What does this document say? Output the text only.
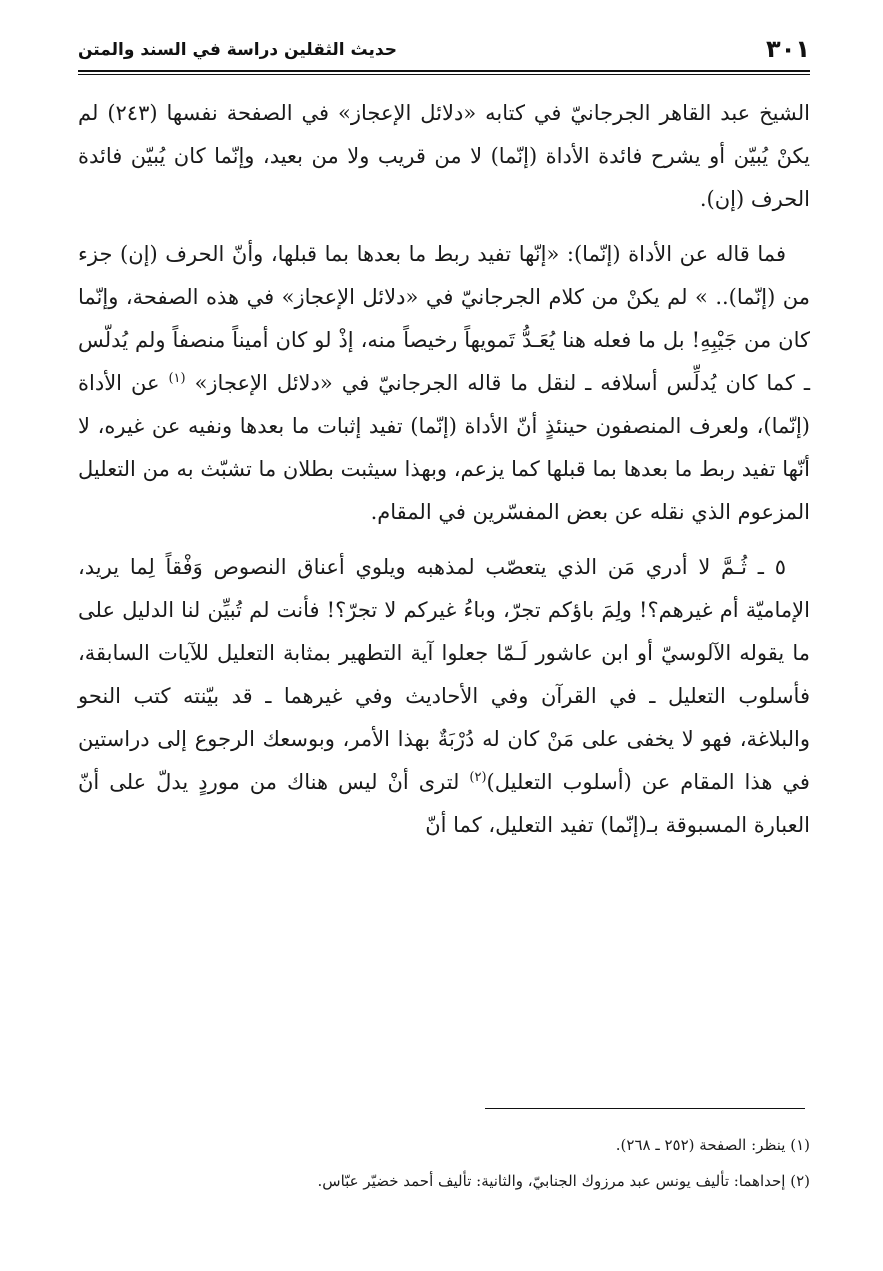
٣٠١
حديث الثقلين دراسة في السند والمتن

الشيخ عبد القاهر الجرجانيّ في كتابه «دلائل الإعجاز» في الصفحة نفسها (٢٤٣) لم يكنْ يُبيّن أو يشرح فائدة الأداة (إنّما) لا من قريب ولا من بعيد، وإنّما كان يُبيّن فائدة الحرف (إن).

فما قاله عن الأداة (إنّما): «إنّها تفيد ربط ما بعدها بما قبلها، وأنّ الحرف (إن) جزء من (إنّما).. » لم يكنْ من كلام الجرجانيّ في «دلائل الإعجاز» في هذه الصفحة، وإنّما كان من جَيْبِهِ! بل ما فعله هنا يُعَـدُّ تَمويهاً رخيصاً منه، إذْ لو كان أميناً منصفاً ولم يُدلّس ـ كما كان يُدلِّس أسلافه ـ لنقل ما قاله الجرجانيّ في «دلائل الإعجاز» $^{(١)}$ عن الأداة (إنّما)، ولعرف المنصفون حينئذٍ أنّ الأداة (إنّما) تفيد إثبات ما بعدها ونفيه عن غيره، لا أنّها تفيد ربط ما بعدها بما قبلها كما يزعم، وبهذا سيثبت بطلان ما تشبّث به من التعليل المزعوم الذي نقله عن بعض المفسّرين في المقام.

٥ ـ ثُـمَّ لا أدري مَن الذي يتعصّب لمذهبه ويلوي أعناق النصوص وَفْقاً لِما يريد، الإماميّة أم غيرهم؟! ولِمَ باؤكم تجرّ، وباءُ غيركم لا تجرّ؟! فأنت لم تُبيِّن لنا الدليل على ما يقوله الآلوسيّ أو ابن عاشور لَـمّا جعلوا آية التطهير بمثابة التعليل للآيات السابقة، فأسلوب التعليل ـ في القرآن وفي الأحاديث وفي غيرهما ـ قد بيّنته كتب النحو والبلاغة، فهو لا يخفى على مَنْ كان له دُرْبَةٌ بهذا الأمر، وبوسعك الرجوع إلى دراستين في هذا المقام عن (أسلوب التعليل)$^{(٢)}$ لترى أنْ ليس هناك من موردٍ يدلّ على أنّ العبارة المسبوقة بـ(إنّما) تفيد التعليل، كما أنّ

(١) ينظر: الصفحة (٢٥٢ ـ ٢٦٨).
(٢) إحداهما: تأليف يونس عبد مرزوك الجنابيّ، والثانية: تأليف أحمد خضيّر عبّاس.
